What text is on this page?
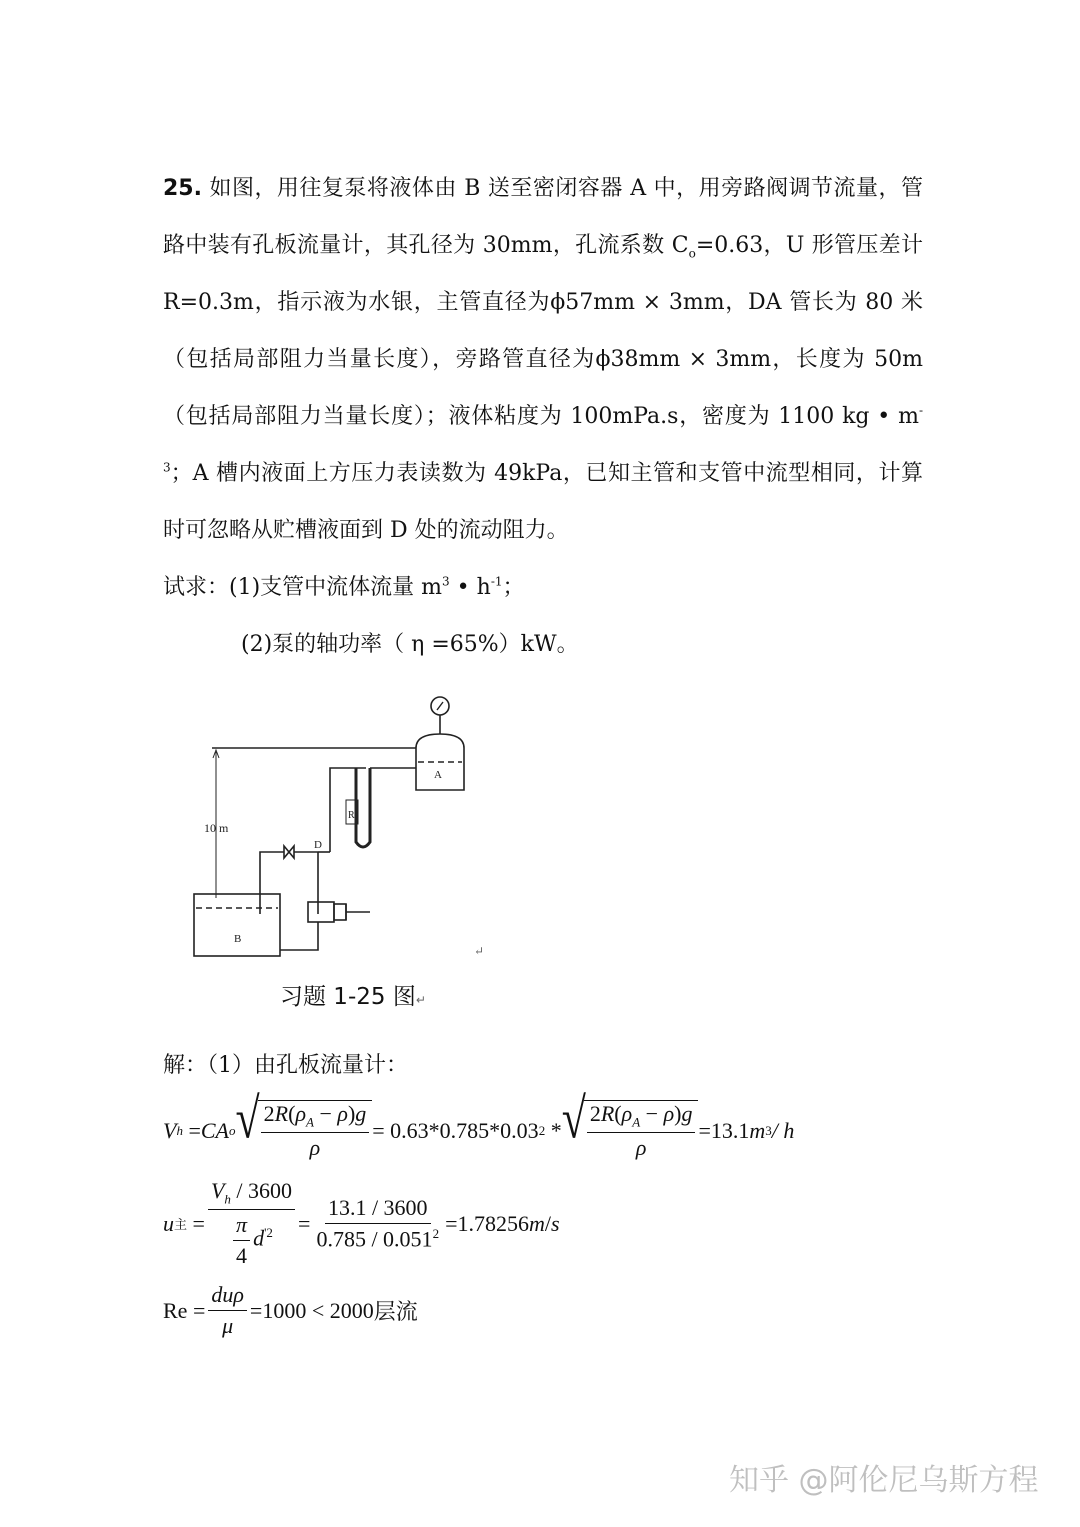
25. 如图，用往复泵将液体由 B 送至密闭容器 A 中，用旁路阀调节流量，管路中装有孔板流量计，其孔径为 30mm，孔流系数 $C_o=0.63$，U 形管压差计 R=0.3m，指示液为水银，主管直径为ϕ57mm × 3mm，DA 管长为 80 米（包括局部阻力当量长度），旁路管直径为ϕ38mm × 3mm，长度为 50m（包括局部阻力当量长度）；液体粘度为 100mPa.s，密度为 1100 kg • $m^{-3}$；A 槽内液面上方压力表读数为 49kPa，已知主管和支管中流型相同，计算时可忽略从贮槽液面到 D 处的流动阻力。

试求：(1)支管中流体流量 $m^3$ • $h^{-1}$；

(2)泵的轴功率（ η =65%）kW。

A
10 m
B
D
R
↵
习题 1-25 图↵
解：（1）由孔板流量计：
V h = CA o √ $\frac{2R(\rho_A - \rho)g}{\rho} = 0.63*0.785*0.03$ 2 * √ $\frac{2R(\rho_A - \rho)g}{\rho} =13.1$ m 3 / h
u 主 = $\frac{V_h / 3600}{\frac{\pi}{4} d^{'2}} = \frac{13.1 / 3600}{0.785 / 0.051^2} =1.78256$ m / s
$Re = \frac{\text{duρ}}{\mu} =1000 < 2000$ 层流
知乎 @阿伦尼乌斯方程
